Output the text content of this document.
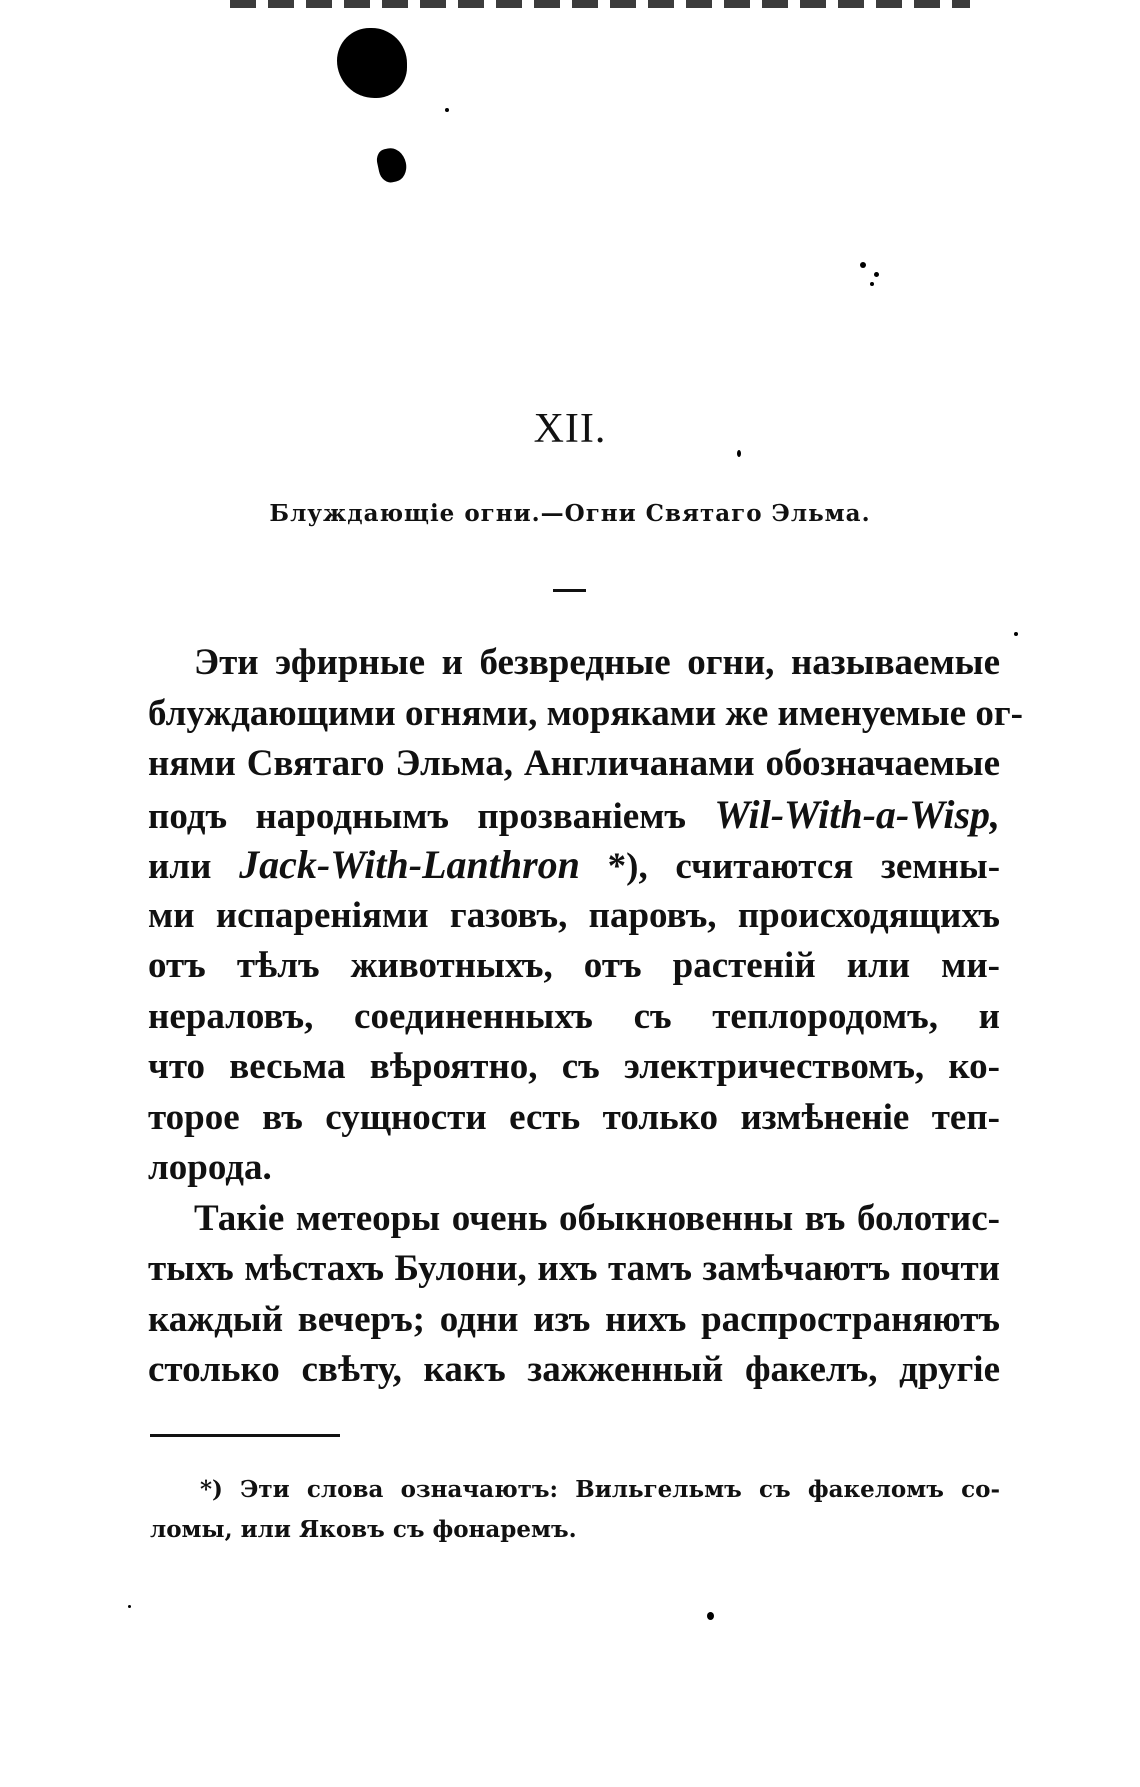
XII.
Блуждающіе огни.—Огни Святаго Эльма.
Эти эфирные и безвредные огни, называемые
блуждающими огнями, моряками же именуемые ог-
нями Святаго Эльма, Англичанами обозначаемые
подъ народнымъ прозваніемъ Wil-With-a-Wisp,
или Jack-With-Lanthron *), считаются земны-
ми испареніями газовъ, паровъ, происходящихъ
отъ тѣлъ животныхъ, отъ растеній или ми-
нераловъ, соединенныхъ съ теплородомъ, и
что весьма вѣроятно, съ электричествомъ, ко-
торое въ сущности есть только измѣненіе теп-
лорода.
Такіе метеоры очень обыкновенны въ болотис-
тыхъ мѣстахъ Булони, ихъ тамъ замѣчаютъ почти
каждый вечеръ; одни изъ нихъ распространяютъ
столько свѣту, какъ зажженный факелъ, другіе
*) Эти слова означаютъ: Вильгельмъ съ факеломъ со-
ломы, или Яковъ съ фонаремъ.
